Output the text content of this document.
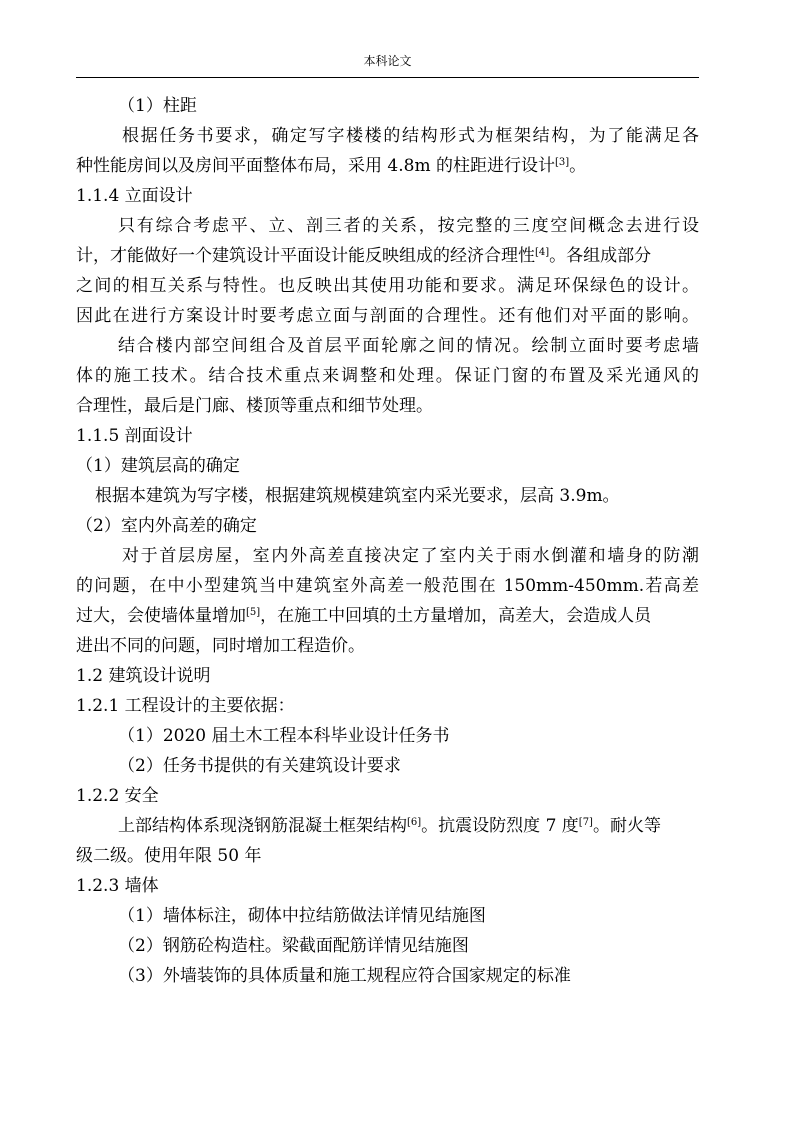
本科论文
（1）柱距
根据任务书要求，确定写字楼楼的结构形式为框架结构，为了能满足各
种性能房间以及房间平面整体布局，采用 4.8m 的柱距进行设计[3]。
1.1.4 立面设计
只有综合考虑平、立、剖三者的关系，按完整的三度空间概念去进行设
计，才能做好一个建筑设计平面设计能反映组成的经济合理性[4]。各组成部分
之间的相互关系与特性。也反映出其使用功能和要求。满足环保绿色的设计。
因此在进行方案设计时要考虑立面与剖面的合理性。还有他们对平面的影响。
结合楼内部空间组合及首层平面轮廓之间的情况。绘制立面时要考虑墙
体的施工技术。结合技术重点来调整和处理。保证门窗的布置及采光通风的
合理性，最后是门廊、楼顶等重点和细节处理。
1.1.5 剖面设计
（1）建筑层高的确定
根据本建筑为写字楼，根据建筑规模建筑室内采光要求，层高 3.9m。
（2）室内外高差的确定
对于首层房屋，室内外高差直接决定了室内关于雨水倒灌和墙身的防潮
的问题，在中小型建筑当中建筑室外高差一般范围在 150mm-450mm.若高差
过大，会使墙体量增加[5]，在施工中回填的土方量增加，高差大，会造成人员
进出不同的问题，同时增加工程造价。
1.2 建筑设计说明
1.2.1 工程设计的主要依据：
（1）2020 届土木工程本科毕业设计任务书
（2）任务书提供的有关建筑设计要求
1.2.2 安全
上部结构体系现浇钢筋混凝土框架结构[6]。抗震设防烈度 7 度[7]。耐火等
级二级。使用年限 50 年
1.2.3 墙体
（1）墙体标注，砌体中拉结筋做法详情见结施图
（2）钢筋砼构造柱。梁截面配筋详情见结施图
（3）外墙装饰的具体质量和施工规程应符合国家规定的标准
